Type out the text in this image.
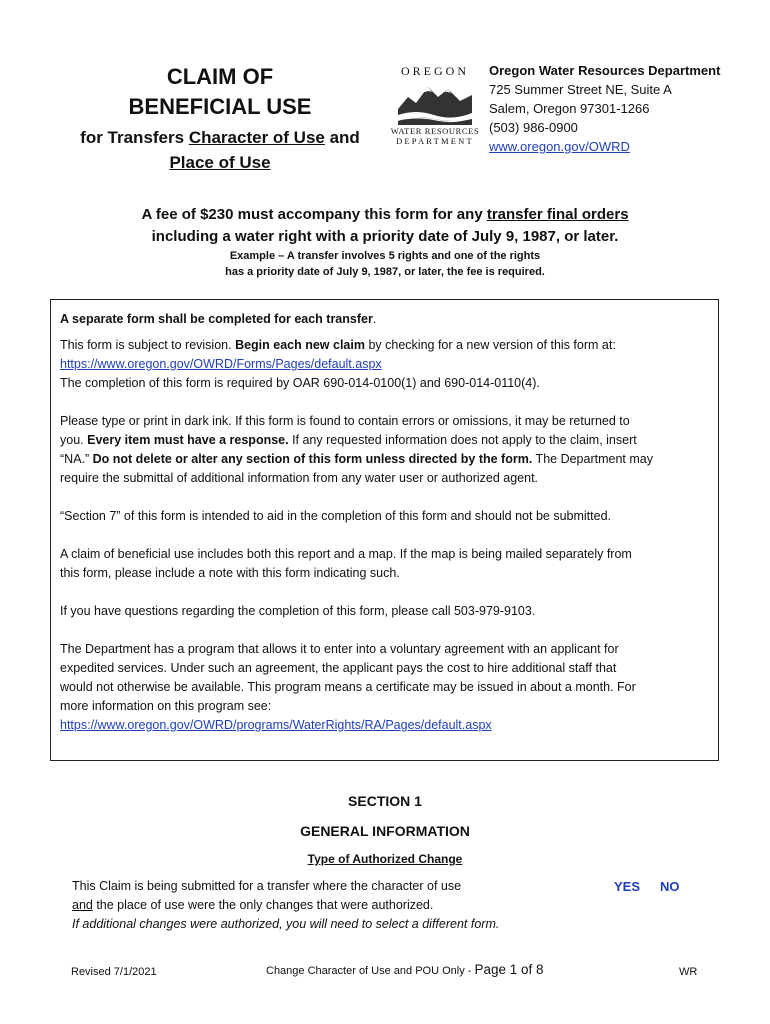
CLAIM OF
BENEFICIAL USE
for Transfers Character of Use and
Place of Use
OREGON
WATER RESOURCES
DEPARTMENT
Oregon Water Resources Department
725 Summer Street NE, Suite A
Salem, Oregon 97301-1266
(503) 986-0900
www.oregon.gov/OWRD
A fee of $230 must accompany this form for any transfer final orders
including a water right with a priority date of July 9, 1987, or later.
Example – A transfer involves 5 rights and one of the rights
has a priority date of July 9, 1987, or later, the fee is required.
A separate form shall be completed for each transfer.
This form is subject to revision. Begin each new claim by checking for a new version of this form at:
https://www.oregon.gov/OWRD/Forms/Pages/default.aspx
The completion of this form is required by OAR 690-014-0100(1) and 690-014-0110(4).
Please type or print in dark ink. If this form is found to contain errors or omissions, it may be returned to
you. Every item must have a response. If any requested information does not apply to the claim, insert
“NA.” Do not delete or alter any section of this form unless directed by the form. The Department may
require the submittal of additional information from any water user or authorized agent.
“Section 7” of this form is intended to aid in the completion of this form and should not be submitted.
A claim of beneficial use includes both this report and a map. If the map is being mailed separately from
this form, please include a note with this form indicating such.
If you have questions regarding the completion of this form, please call 503-979-9103.
The Department has a program that allows it to enter into a voluntary agreement with an applicant for
expedited services. Under such an agreement, the applicant pays the cost to hire additional staff that
would not otherwise be available. This program means a certificate may be issued in about a month. For
more information on this program see:
https://www.oregon.gov/OWRD/programs/WaterRights/RA/Pages/default.aspx
SECTION 1
GENERAL INFORMATION
Type of Authorized Change
This Claim is being submitted for a transfer where the character of use
and the place of use were the only changes that were authorized.
If additional changes were authorized, you will need to select a different form.
YES NO
Revised 7/1/2021	Change Character of Use and POU Only - Page 1 of 8	WR
